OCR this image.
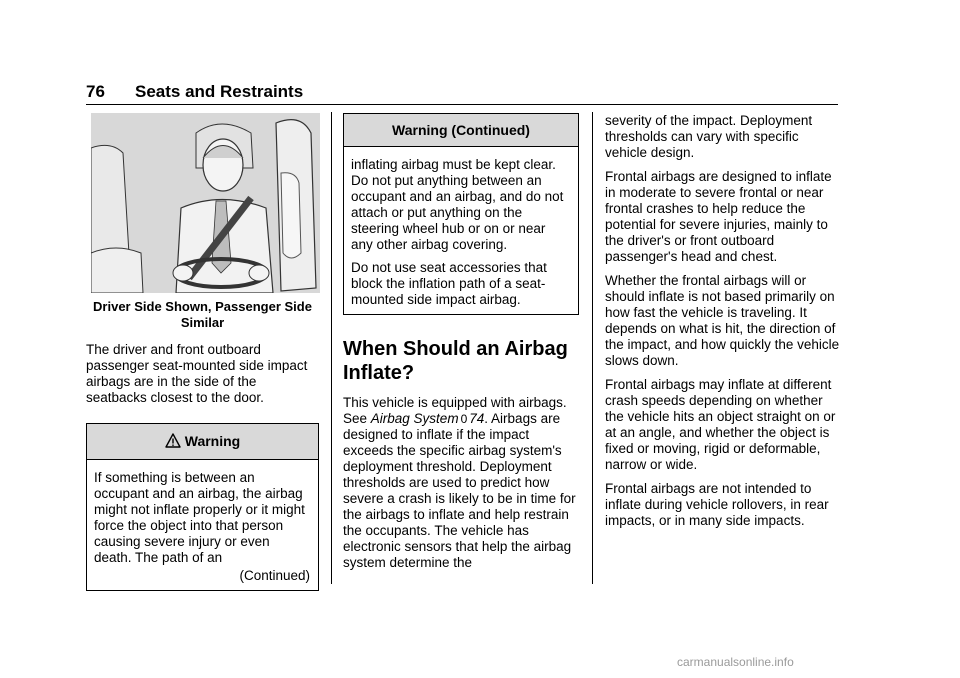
76 Seats and Restraints
Driver Side Shown, Passenger Side Similar

The driver and front outboard passenger seat-mounted side impact airbags are in the side of the seatbacks closest to the door.

Warning

If something is between an occupant and an airbag, the airbag might not inflate properly or it might force the object into that person causing severe injury or even death. The path of an

(Continued)
Warning (Continued)

inflating airbag must be kept clear. Do not put anything between an occupant and an airbag, and do not attach or put anything on the steering wheel hub or on or near any other airbag covering.

Do not use seat accessories that block the inflation path of a seat-mounted side impact airbag.

When Should an Airbag Inflate?

This vehicle is equipped with airbags. See Airbag System 0 74. Airbags are designed to inflate if the impact exceeds the specific airbag system's deployment threshold. Deployment thresholds are used to predict how severe a crash is likely to be in time for the airbags to inflate and help restrain the occupants. The vehicle has electronic sensors that help the airbag system determine the

severity of the impact. Deployment thresholds can vary with specific vehicle design.

Frontal airbags are designed to inflate in moderate to severe frontal or near frontal crashes to help reduce the potential for severe injuries, mainly to the driver's or front outboard passenger's head and chest.

Whether the frontal airbags will or should inflate is not based primarily on how fast the vehicle is traveling. It depends on what is hit, the direction of the impact, and how quickly the vehicle slows down.

Frontal airbags may inflate at different crash speeds depending on whether the vehicle hits an object straight on or at an angle, and whether the object is fixed or moving, rigid or deformable, narrow or wide.

Frontal airbags are not intended to inflate during vehicle rollovers, in rear impacts, or in many side impacts.

carmanualsonline.info
